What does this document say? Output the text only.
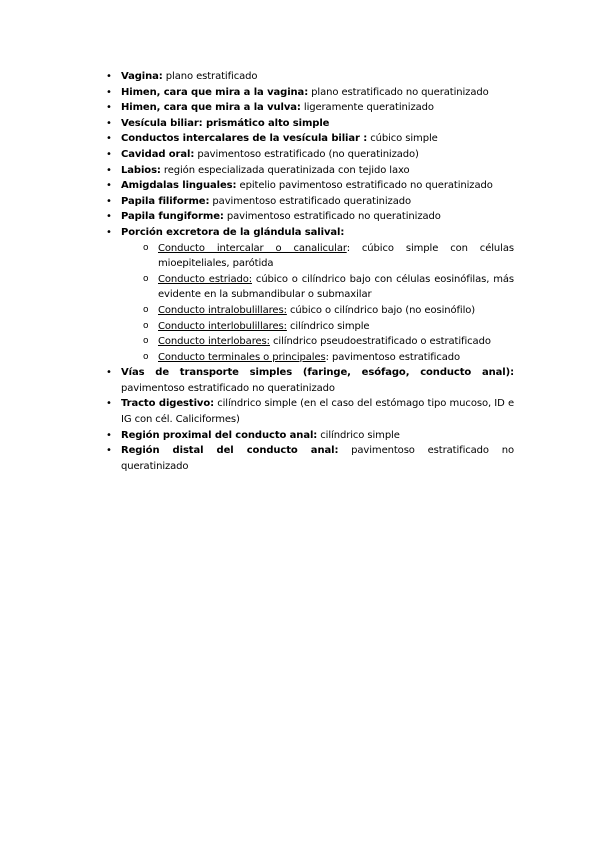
• Vagina: plano estratificado
• Himen, cara que mira a la vagina: plano estratificado no queratinizado
• Himen, cara que mira a la vulva: ligeramente queratinizado
• Vesícula biliar: prismático alto simple
• Conductos intercalares de la vesícula biliar : cúbico simple
• Cavidad oral: pavimentoso estratificado (no queratinizado)
• Labios: región especializada queratinizada con tejido laxo
• Amigdalas linguales: epitelio pavimentoso estratificado no queratinizado
• Papila filiforme: pavimentoso estratificado queratinizado
• Papila fungiforme: pavimentoso estratificado no queratinizado
• Porción excretora de la glándula salival:
o Conducto intercalar o canalicular: cúbico simple con células mioepiteliales, parótida
o Conducto estriado: cúbico o cilíndrico bajo con células eosinófilas, más evidente en la submandibular o submaxilar
o Conducto intralobulillares: cúbico o cilíndrico bajo (no eosinófilo)
o Conducto interlobulillares: cilíndrico simple
o Conducto interlobares: cilíndrico pseudoestratificado o estratificado
o Conducto terminales o principales: pavimentoso estratificado
• Vías de transporte simples (faringe, esófago, conducto anal): pavimentoso estratificado no queratinizado
• Tracto digestivo: cilíndrico simple (en el caso del estómago tipo mucoso, ID e IG con cél. Caliciformes)
• Región proximal del conducto anal: cilíndrico simple
• Región distal del conducto anal: pavimentoso estratificado no queratinizado
